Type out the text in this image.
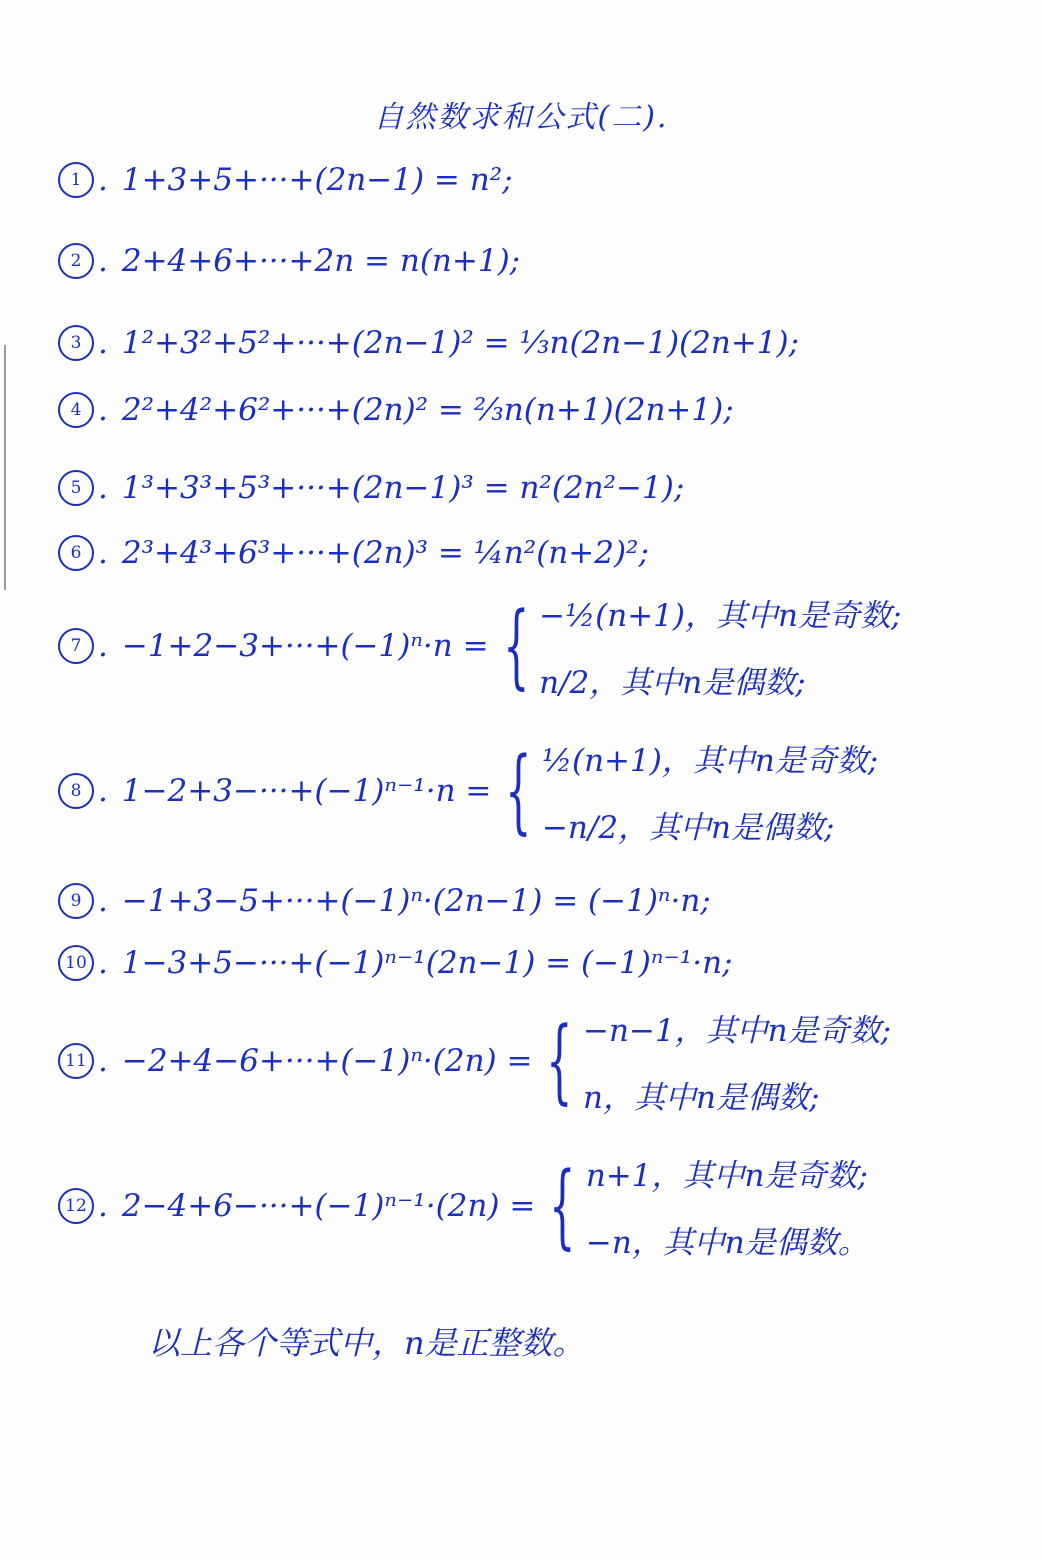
自然数求和公式(二).
1 . 1+3+5+···+(2n−1) = n²;
2 . 2+4+6+···+2n = n(n+1);
3 . 1²+3²+5²+···+(2n−1)² = ⅓n(2n−1)(2n+1);
4 . 2²+4²+6²+···+(2n)² = ⅔n(n+1)(2n+1);
5 . 1³+3³+5³+···+(2n−1)³ = n²(2n²−1);
6 . 2³+4³+6³+···+(2n)³ = ¼n²(n+2)²;
7 . −1+2−3+···+(−1)ⁿ·n = { −½(n+1)，其中n是奇数;
n/2，其中n是偶数;
8 . 1−2+3−···+(−1)ⁿ⁻¹·n = { ½(n+1)，其中n是奇数;
−n/2，其中n是偶数;
9 . −1+3−5+···+(−1)ⁿ·(2n−1) = (−1)ⁿ·n;
10 . 1−3+5−···+(−1)ⁿ⁻¹(2n−1) = (−1)ⁿ⁻¹·n;
11 . −2+4−6+···+(−1)ⁿ·(2n) = { −n−1，其中n是奇数;
n，其中n是偶数;
12 . 2−4+6−···+(−1)ⁿ⁻¹·(2n) = { n+1，其中n是奇数;
−n，其中n是偶数。
以上各个等式中，n是正整数。
